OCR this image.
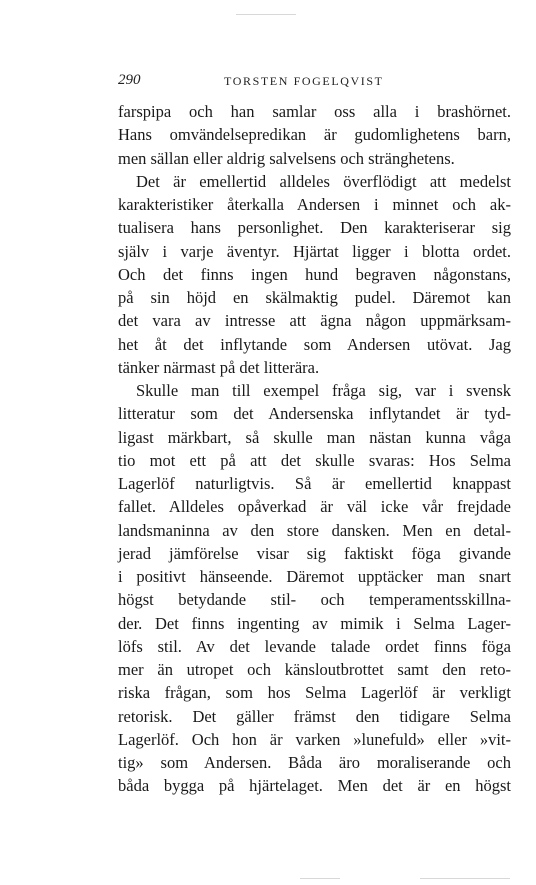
290	TORSTEN FOGELQVIST
farspipa och han samlar oss alla i brashörnet.
Hans omvändelsepredikan är gudomlighetens barn,
men sällan eller aldrig salvelsens och stränghetens.
Det är emellertid alldeles överflödigt att medelst
karakteristiker återkalla Andersen i minnet och ak-
tualisera hans personlighet. Den karakteriserar sig
själv i varje äventyr. Hjärtat ligger i blotta ordet.
Och det finns ingen hund begraven någonstans,
på sin höjd en skälmaktig pudel. Däremot kan
det vara av intresse att ägna någon uppmärksam-
het åt det inflytande som Andersen utövat. Jag
tänker närmast på det litterära.
Skulle man till exempel fråga sig, var i svensk
litteratur som det Andersenska inflytandet är tyd-
ligast märkbart, så skulle man nästan kunna våga
tio mot ett på att det skulle svaras: Hos Selma
Lagerlöf naturligtvis. Så är emellertid knappast
fallet. Alldeles opåverkad är väl icke vår frejdade
landsmaninna av den store dansken. Men en detal-
jerad jämförelse visar sig faktiskt föga givande
i positivt hänseende. Däremot upptäcker man snart
högst betydande stil- och temperamentsskillna-
der. Det finns ingenting av mimik i Selma Lager-
löfs stil. Av det levande talade ordet finns föga
mer än utropet och känsloutbrottet samt den reto-
riska frågan, som hos Selma Lagerlöf är verkligt
retorisk. Det gäller främst den tidigare Selma
Lagerlöf. Och hon är varken »lunefuld» eller »vit-
tig» som Andersen. Båda äro moraliserande och
båda bygga på hjärtelaget. Men det är en högst
